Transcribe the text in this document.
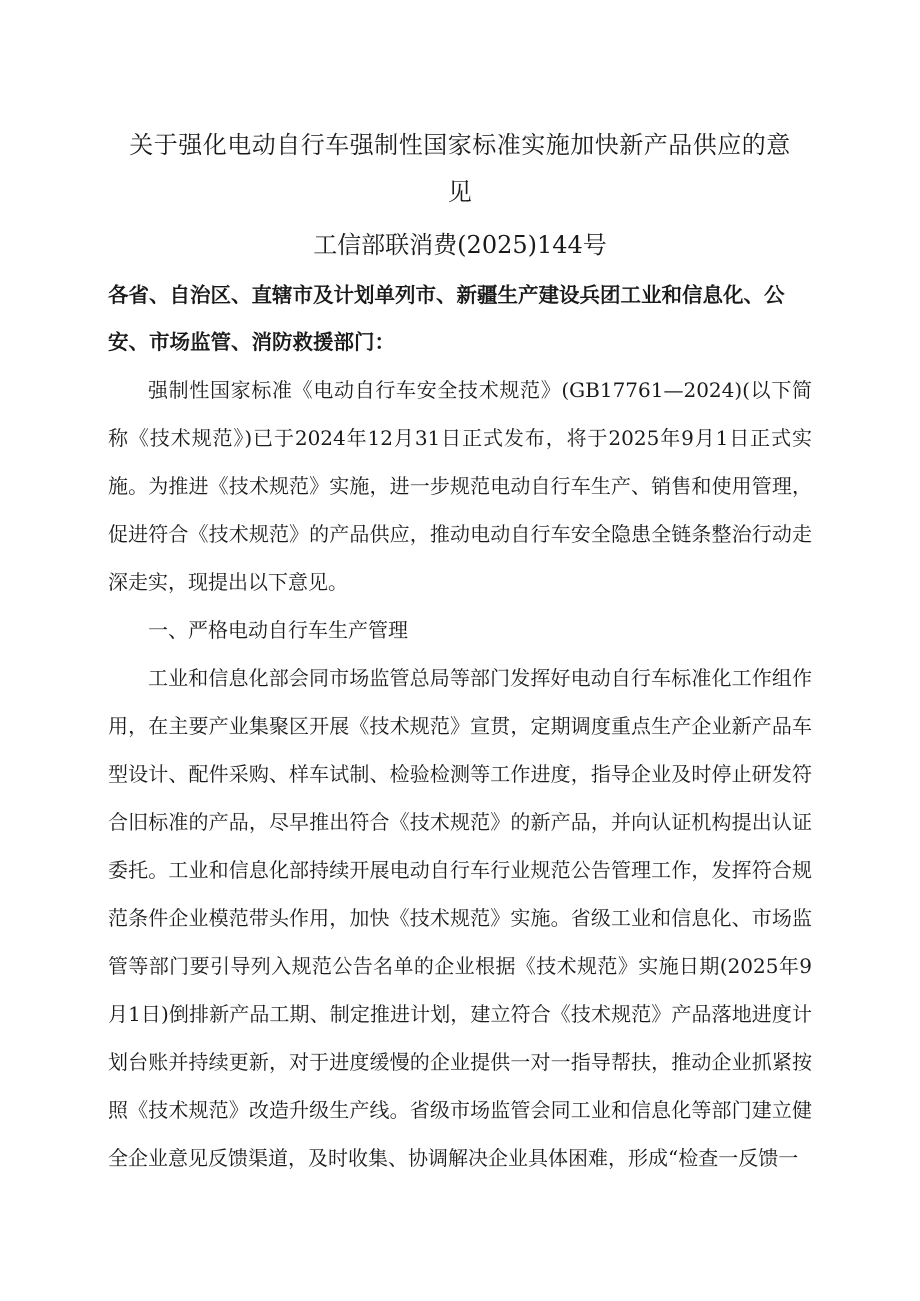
关于强化电动自行车强制性国家标准实施加快新产品供应的意
见
工信部联消费(2025)144号
各省、自治区、直辖市及计划单列市、新疆生产建设兵团工业和信息化、公安、市场监管、消防救援部门：

强制性国家标准《电动自行车安全技术规范》(GB17761—2024)(以下简称《技术规范》)已于2024年12月31日正式发布，将于2025年9月1日正式实施。为推进《技术规范》实施，进一步规范电动自行车生产、销售和使用管理，促进符合《技术规范》的产品供应，推动电动自行车安全隐患全链条整治行动走深走实，现提出以下意见。

一、严格电动自行车生产管理

工业和信息化部会同市场监管总局等部门发挥好电动自行车标准化工作组作用，在主要产业集聚区开展《技术规范》宣贯，定期调度重点生产企业新产品车型设计、配件采购、样车试制、检验检测等工作进度，指导企业及时停止研发符合旧标准的产品，尽早推出符合《技术规范》的新产品，并向认证机构提出认证委托。工业和信息化部持续开展电动自行车行业规范公告管理工作，发挥符合规范条件企业模范带头作用，加快《技术规范》实施。省级工业和信息化、市场监管等部门要引导列入规范公告名单的企业根据《技术规范》实施日期(2025年9月1日)倒排新产品工期、制定推进计划，建立符合《技术规范》产品落地进度计划台账并持续更新，对于进度缓慢的企业提供一对一指导帮扶，推动企业抓紧按照《技术规范》改造升级生产线。省级市场监管会同工业和信息化等部门建立健全企业意见反馈渠道，及时收集、协调解决企业具体困难，形成“检查一反馈一
